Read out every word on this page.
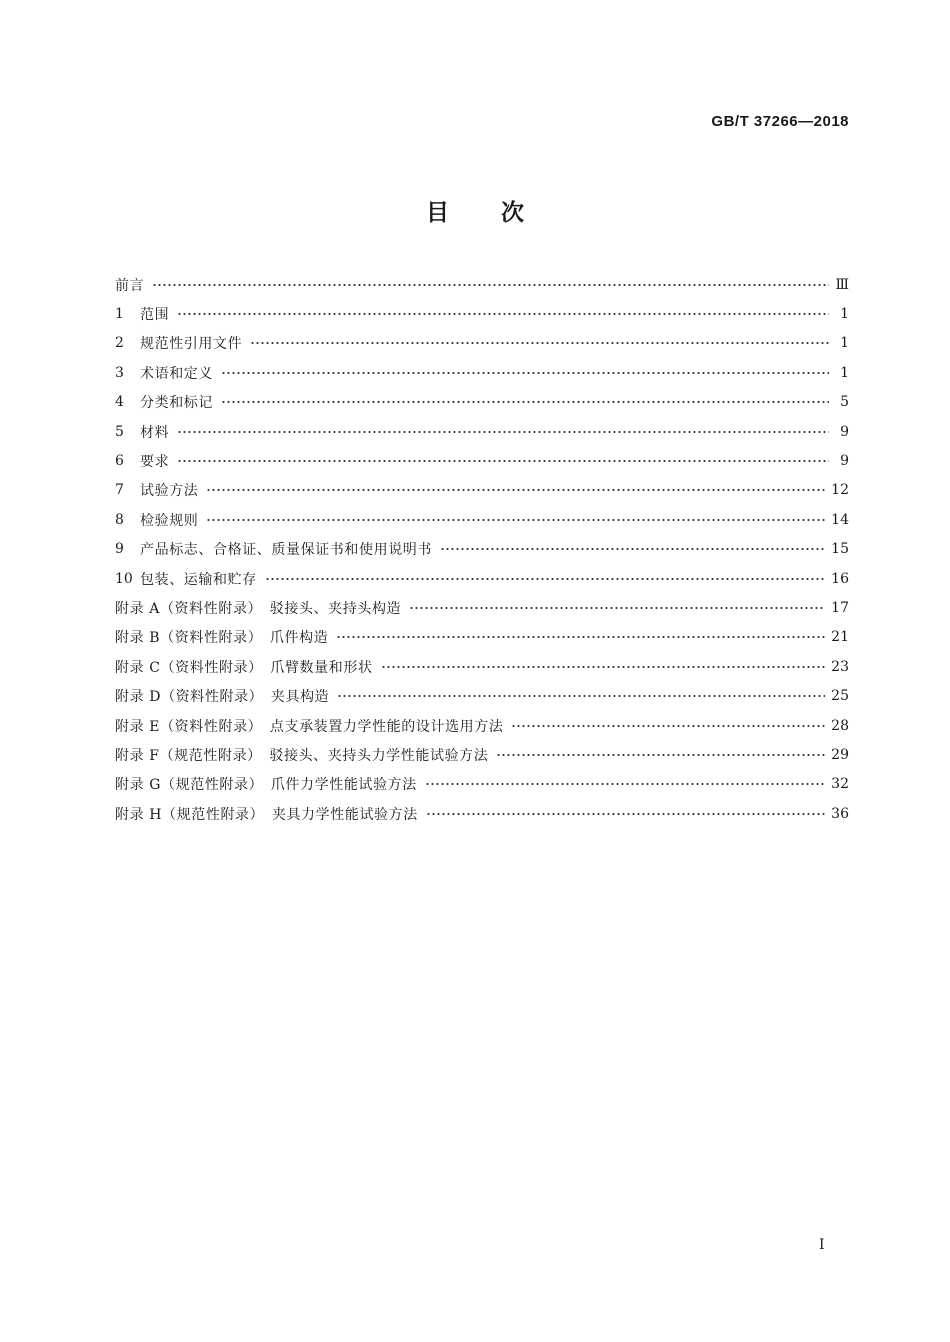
GB/T 37266—2018
目次
前言	Ⅲ
1	范围	1
2	规范性引用文件	1
3	术语和定义	1
4	分类和标记	5
5	材料	9
6	要求	9
7	试验方法	12
8	检验规则	14
9	产品标志、合格证、质量保证书和使用说明书	15
10 包装、运输和贮存	16
附录 A（资料性附录）　驳接头、夹持头构造	17
附录 B（资料性附录）　爪件构造	21
附录 C（资料性附录）　爪臂数量和形状	23
附录 D（资料性附录）　夹具构造	25
附录 E（资料性附录）　点支承装置力学性能的设计选用方法	28
附录 F（规范性附录）　驳接头、夹持头力学性能试验方法	29
附录 G（规范性附录）　爪件力学性能试验方法	32
附录 H（规范性附录）　夹具力学性能试验方法	36
I
